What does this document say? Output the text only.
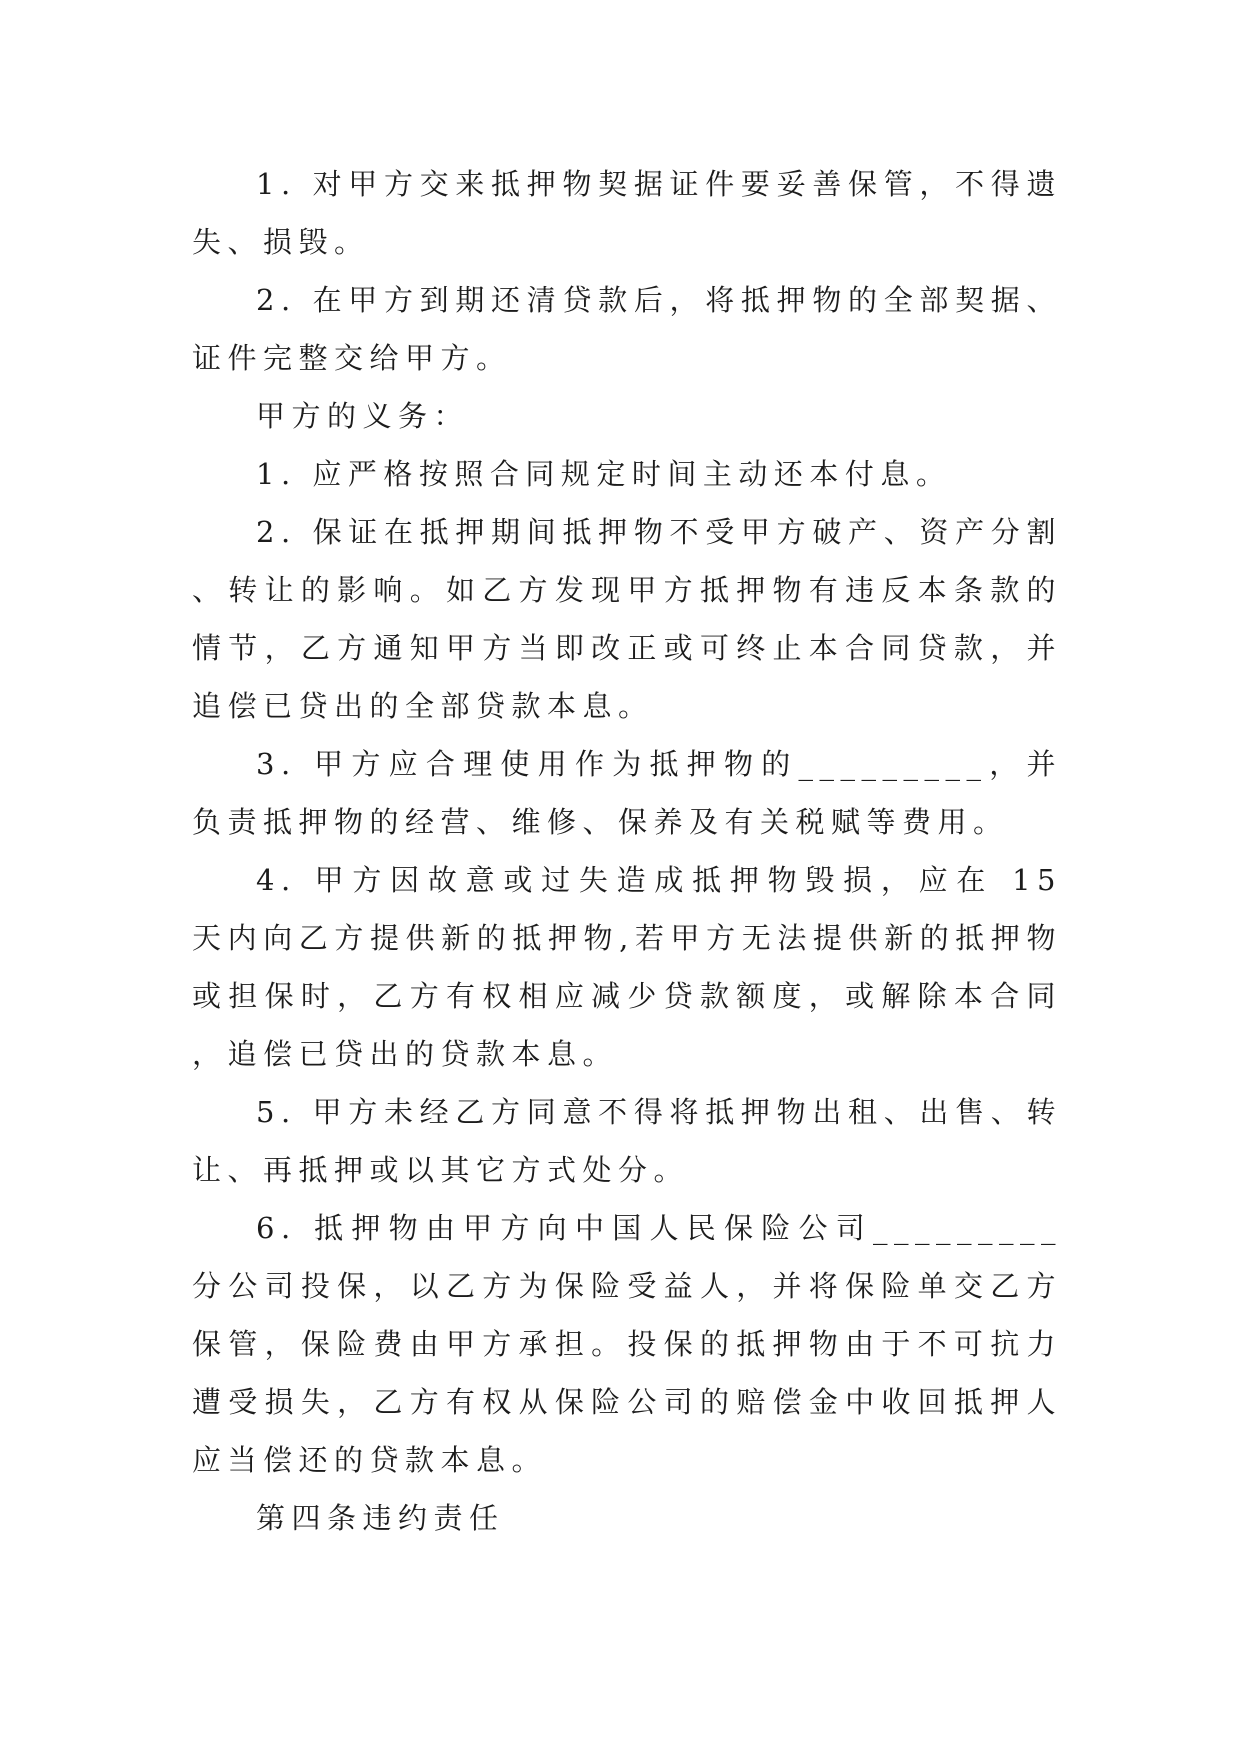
1. 对甲方交来抵押物契据证件要妥善保管，不得遗失、损毁。

2. 在甲方到期还清贷款后，将抵押物的全部契据、证件完整交给甲方。

甲方的义务：

1. 应严格按照合同规定时间主动还本付息。

2. 保证在抵押期间抵押物不受甲方破产、资产分割、转让的影响。如乙方发现甲方抵押物有违反本条款的情节，乙方通知甲方当即改正或可终止本合同贷款，并追偿已贷出的全部贷款本息。

3. 甲方应合理使用作为抵押物的_________，并负责抵押物的经营、维修、保养及有关税赋等费用。

4. 甲方因故意或过失造成抵押物毁损，应在 15 天内向乙方提供新的抵押物,若甲方无法提供新的抵押物或担保时，乙方有权相应减少贷款额度，或解除本合同，追偿已贷出的贷款本息。

5. 甲方未经乙方同意不得将抵押物出租、出售、转让、再抵押或以其它方式处分。

6. 抵押物由甲方向中国人民保险公司_________分公司投保，以乙方为保险受益人，并将保险单交乙方保管，保险费由甲方承担。投保的抵押物由于不可抗力遭受损失，乙方有权从保险公司的赔偿金中收回抵押人应当偿还的贷款本息。

第四条违约责任
